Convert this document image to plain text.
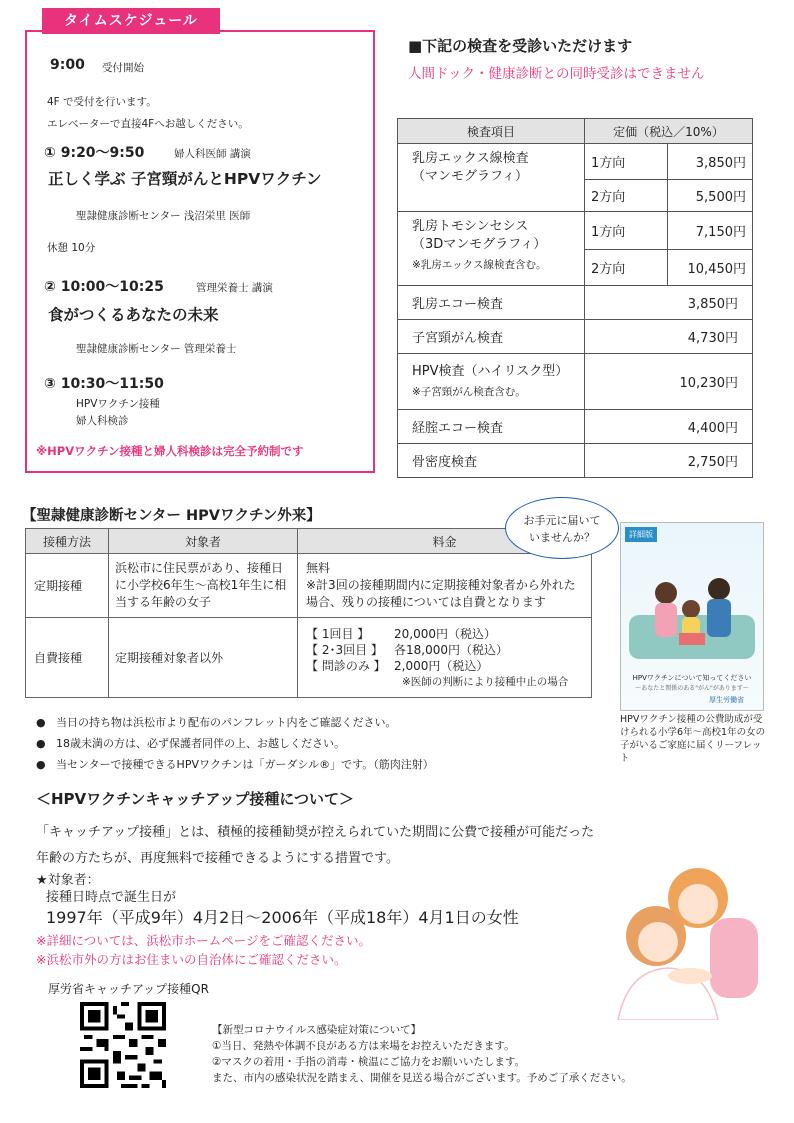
タイムスケジュール
9:00 受付開始
4F で受付を行います。
エレベーターで直接4Fへお越しください。
① 9:20〜9:50	婦人科医師 講演
正しく学ぶ 子宮頸がんとHPVワクチン
聖隷健康診断センター 浅沼栄里 医師
休憩 10分
② 10:00〜10:25	管理栄養士 講演
食がつくるあなたの未来
聖隷健康診断センター 管理栄養士
③ 10:30〜11:50
HPVワクチン接種
婦人科検診
※HPVワクチン接種と婦人科検診は完全予約制です
■下記の検査を受診いただけます
人間ドック・健康診断との同時受診はできません
検査項目	定価（税込／10%）	

乳房エックス線検査
（マンモグラフィ）	1方向	3,850円
	2方向	5,500円

乳房トモシンセシス
（3Dマンモグラフィ）
※乳房エックス線検査含む。	1方向	7,150円
	2方向	10,450円
乳房エコー検査	3,850円	
子宮頸がん検査	4,730円	

HPV検査（ハイリスク型）
※子宮頸がん検査含む。	10,230円	
経腟エコー検査	4,400円	
骨密度検査	2,750円	
【聖隷健康診断センター HPVワクチン外来】
接種方法	対象者	料金
定期接種	浜松市に住民票があり、接種日に小学校6年生〜高校1年生に相当する年齢の女子	無料
※計3回の接種期間内に定期接種対象者から外れた場合、残りの接種については自費となります

自費接種	定期接種対象者以外	【 1回目 】 20,000円（税込）
【 2･3回目 】 各18,000円（税込）
【 問診のみ 】 2,000円（税込）
※医師の判断により接種中止の場合
お手元に届いていませんか？	詳細版
HPVワクチンについて知ってください
〜あなたと関係のある"がん"があります〜
厚生労働省
HPVワクチン接種の公費助成が受けられる小学6年〜高校1年の女の子がいるご家庭に届くリーフレット
● 当日の持ち物は浜松市より配布のパンフレット内をご確認ください。
● 18歳未満の方は、必ず保護者同伴の上、お越しください。
● 当センターで接種できるHPVワクチンは「ガーダシル®」です。（筋肉注射）
＜HPVワクチンキャッチアップ接種について＞
「キャッチアップ接種」とは、積極的接種勧奨が控えられていた期間に公費で接種が可能だった
年齢の方たちが、再度無料で接種できるようにする措置です。
★対象者：
接種日時点で誕生日が
1997年（平成9年）4月2日〜2006年（平成18年）4月1日の女性
※詳細については、浜松市ホームページをご確認ください。
※浜松市外の方はお住まいの自治体にご確認ください。
厚労省キャッチアップ接種QR
【新型コロナウイルス感染症対策について】
①当日、発熱や体調不良がある方は来場をお控えいただきます。
②マスクの着用・手指の消毒・検温にご協力をお願いいたします。
また、市内の感染状況を踏まえ、開催を見送る場合がございます。予めご了承ください。
